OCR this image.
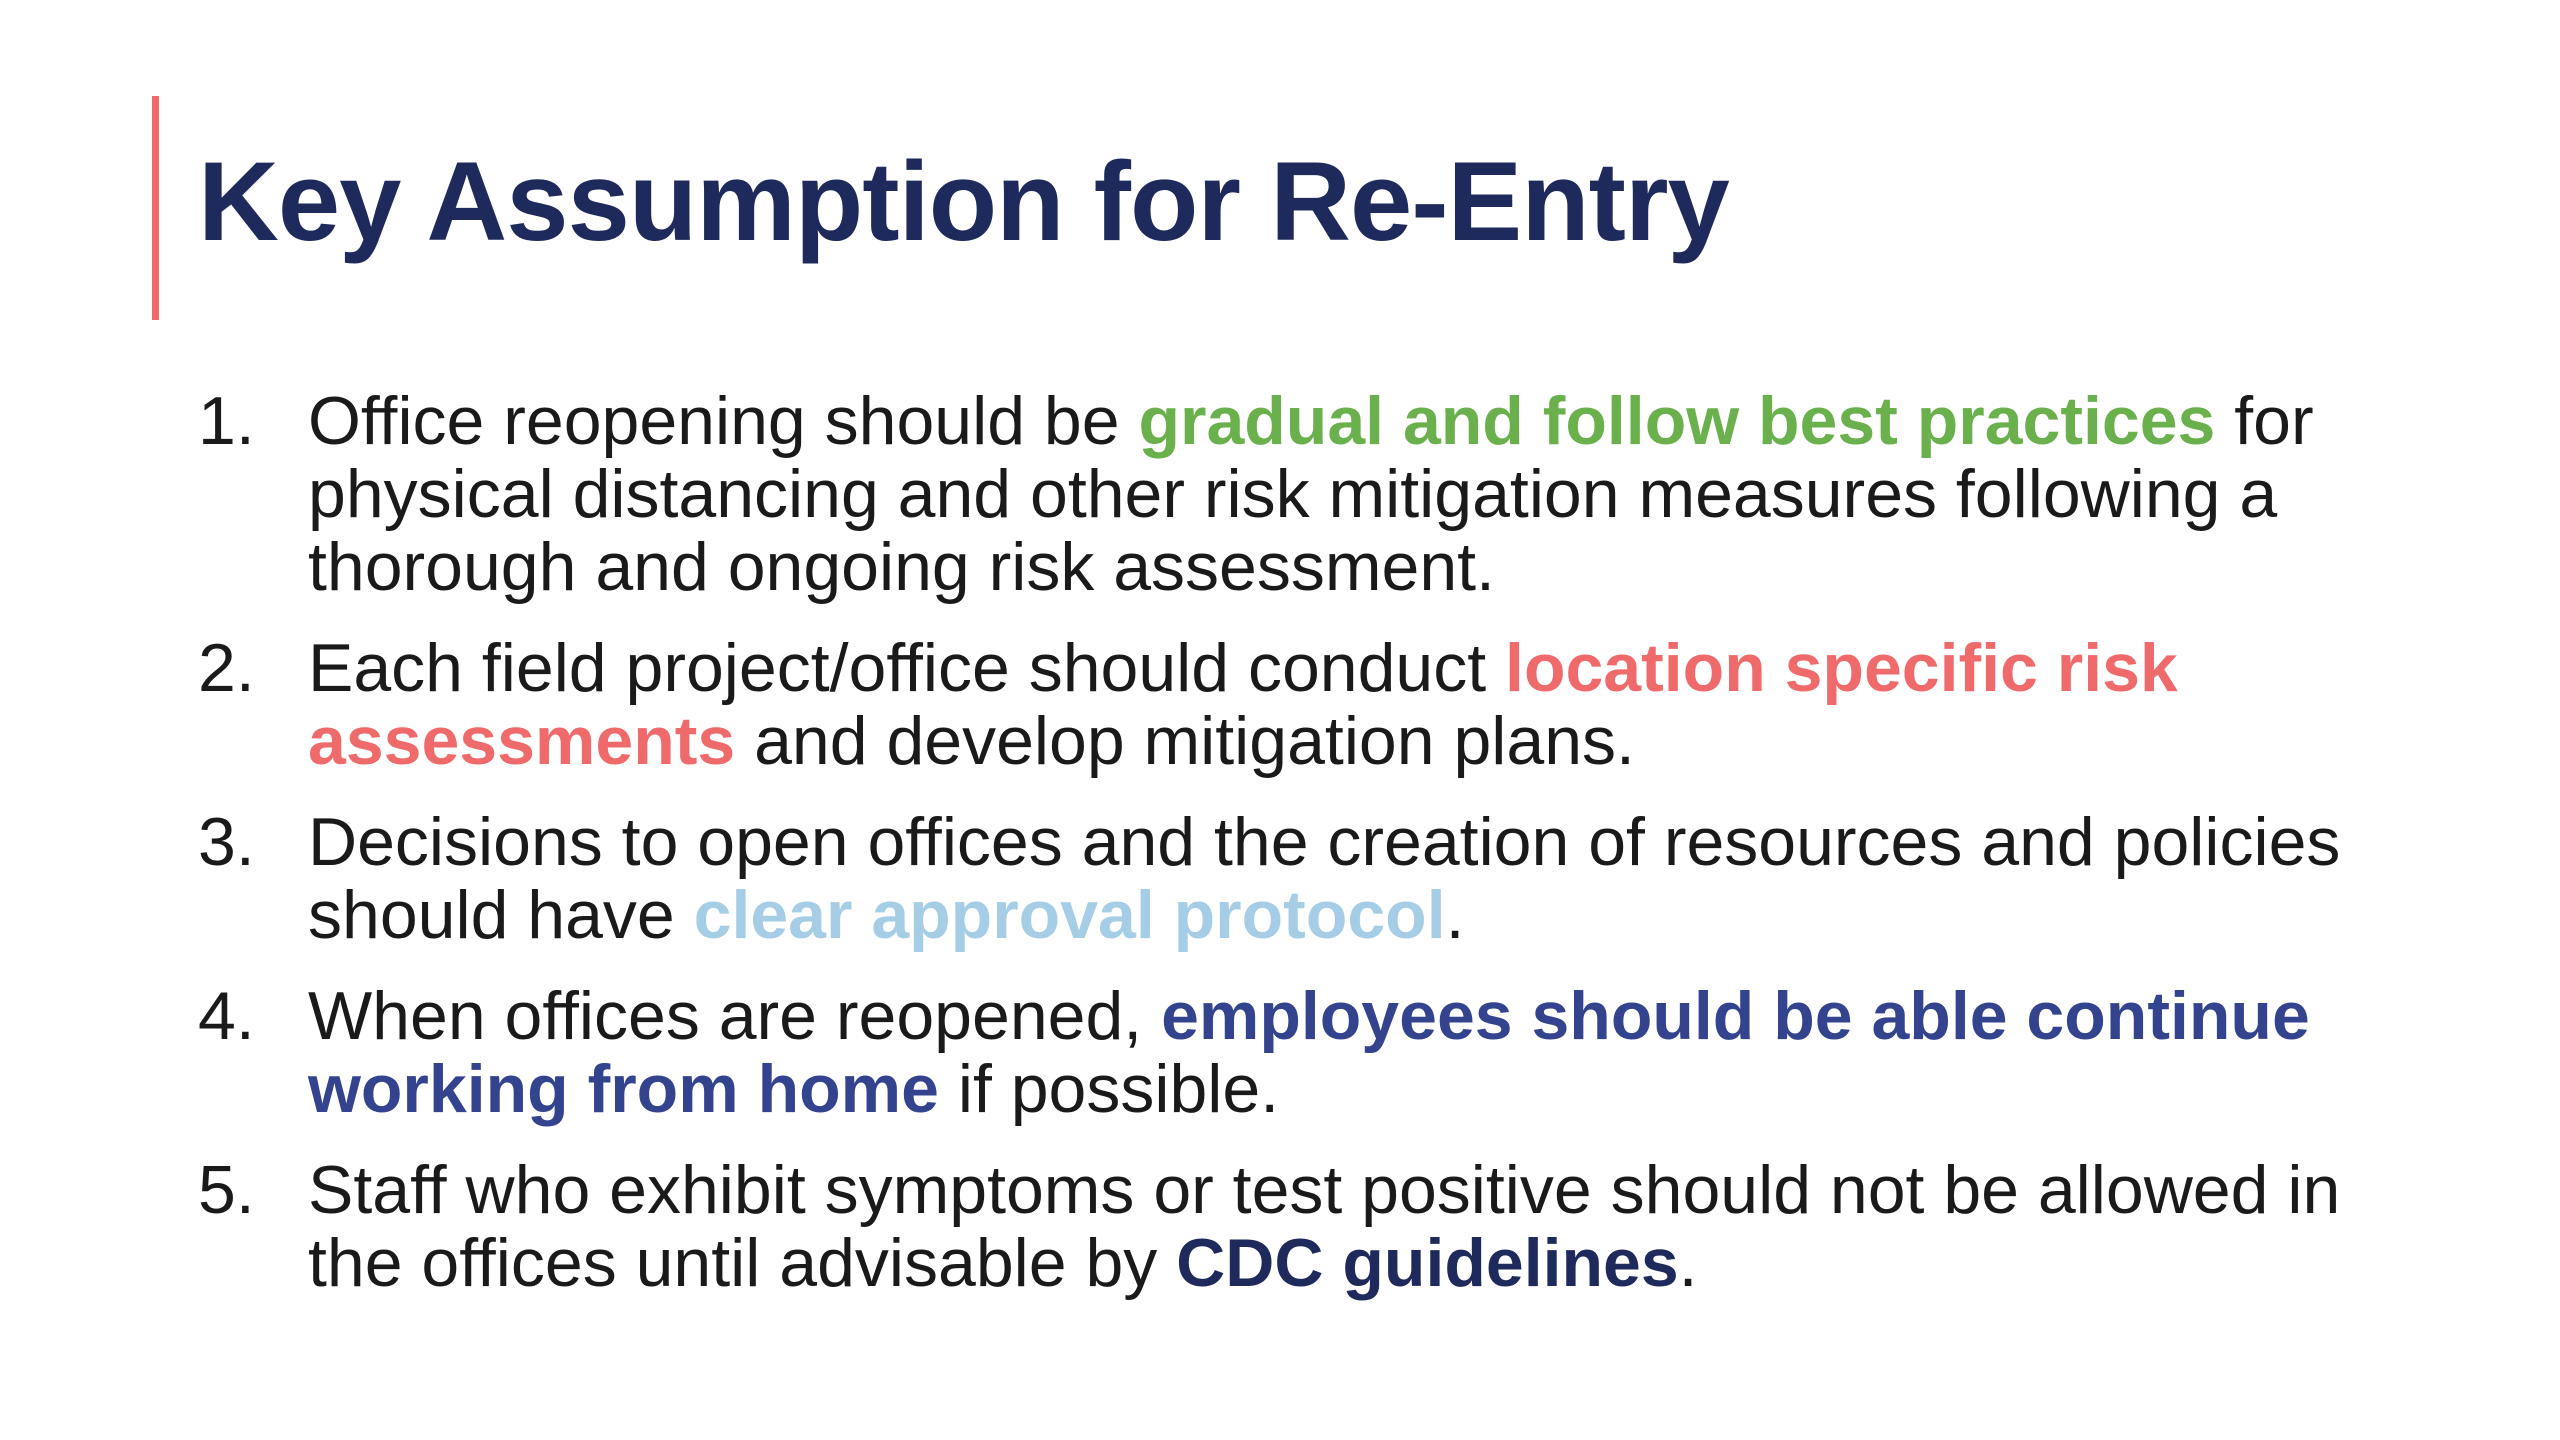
Key Assumption for Re-Entry
1. Office reopening should be gradual and follow best practices for physical distancing and other risk mitigation measures following a thorough and ongoing risk assessment.
2. Each field project/office should conduct location specific risk assessments and develop mitigation plans.
3. Decisions to open offices and the creation of resources and policies should have clear approval protocol.
4. When offices are reopened, employees should be able continue working from home if possible.
5. Staff who exhibit symptoms or test positive should not be allowed in the offices until advisable by CDC guidelines.
